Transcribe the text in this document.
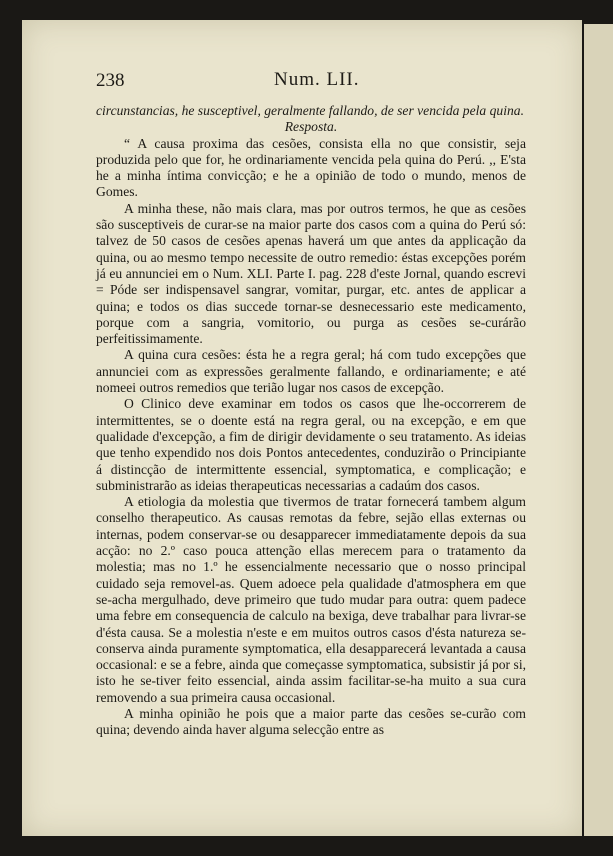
238	Num. LII.

circunstancias, he susceptivel, geralmente fallando, de ser vencida pela quina.

Resposta.

“ A causa proxima das cesões, consista ella no que consistir, seja produzida pelo que for, he ordinariamente vencida pela quina do Perú. ,, E'sta he a minha íntima convicção; e he a opinião de todo o mundo, menos de Gomes.

A minha these, não mais clara, mas por outros termos, he que as cesões são susceptiveis de curar-se na maior parte dos casos com a quina do Perú só: talvez de 50 casos de cesões apenas haverá um que antes da applicação da quina, ou ao mesmo tempo necessite de outro remedio: éstas excepções porém já eu annunciei em o Num. XLI. Parte I. pag. 228 d'este Jornal, quando escrevi = Póde ser indispensavel sangrar, vomitar, purgar, etc. antes de applicar a quina; e todos os dias succede tornar-se desnecessario este medicamento, porque com a sangria, vomitorio, ou purga as cesões se-curárão perfeitissimamente.

A quina cura cesões: ésta he a regra geral; há com tudo excepções que annunciei com as expressões geralmente fallando, e ordinariamente; e até nomeei outros remedios que terião lugar nos casos de excepção.

O Clinico deve examinar em todos os casos que lhe-occorrerem de intermittentes, se o doente está na regra geral, ou na excepção, e em que qualidade d'excepção, a fim de dirigir devidamente o seu tratamento. As ideias que tenho expendido nos dois Pontos antecedentes, conduzirão o Principiante á distincção de intermittente essencial, symptomatica, e complicação; e subministrarão as ideias therapeuticas necessarias a cadaúm dos casos.

A etiologia da molestia que tivermos de tratar fornecerá tambem algum conselho therapeutico. As causas remotas da febre, sejão ellas externas ou internas, podem conservar-se ou desapparecer immediatamente depois da sua acção: no 2.º caso pouca attenção ellas merecem para o tratamento da molestia; mas no 1.º he essencialmente necessario que o nosso principal cuidado seja removel-as. Quem adoece pela qualidade d'atmosphera em que se-acha mergulhado, deve primeiro que tudo mudar para outra: quem padece uma febre em consequencia de calculo na bexiga, deve trabalhar para livrar-se d'ésta causa. Se a molestia n'este e em muitos outros casos d'ésta natureza se-conserva ainda puramente symptomatica, ella desapparecerá levantada a causa occasional: e se a febre, ainda que começasse symptomatica, subsistir já por si, isto he se-tiver feito essencial, ainda assim facilitar-se-ha muito a sua cura removendo a sua primeira causa occasional.

A minha opinião he pois que a maior parte das cesões se-curão com quina; devendo ainda haver alguma selecção entre as
